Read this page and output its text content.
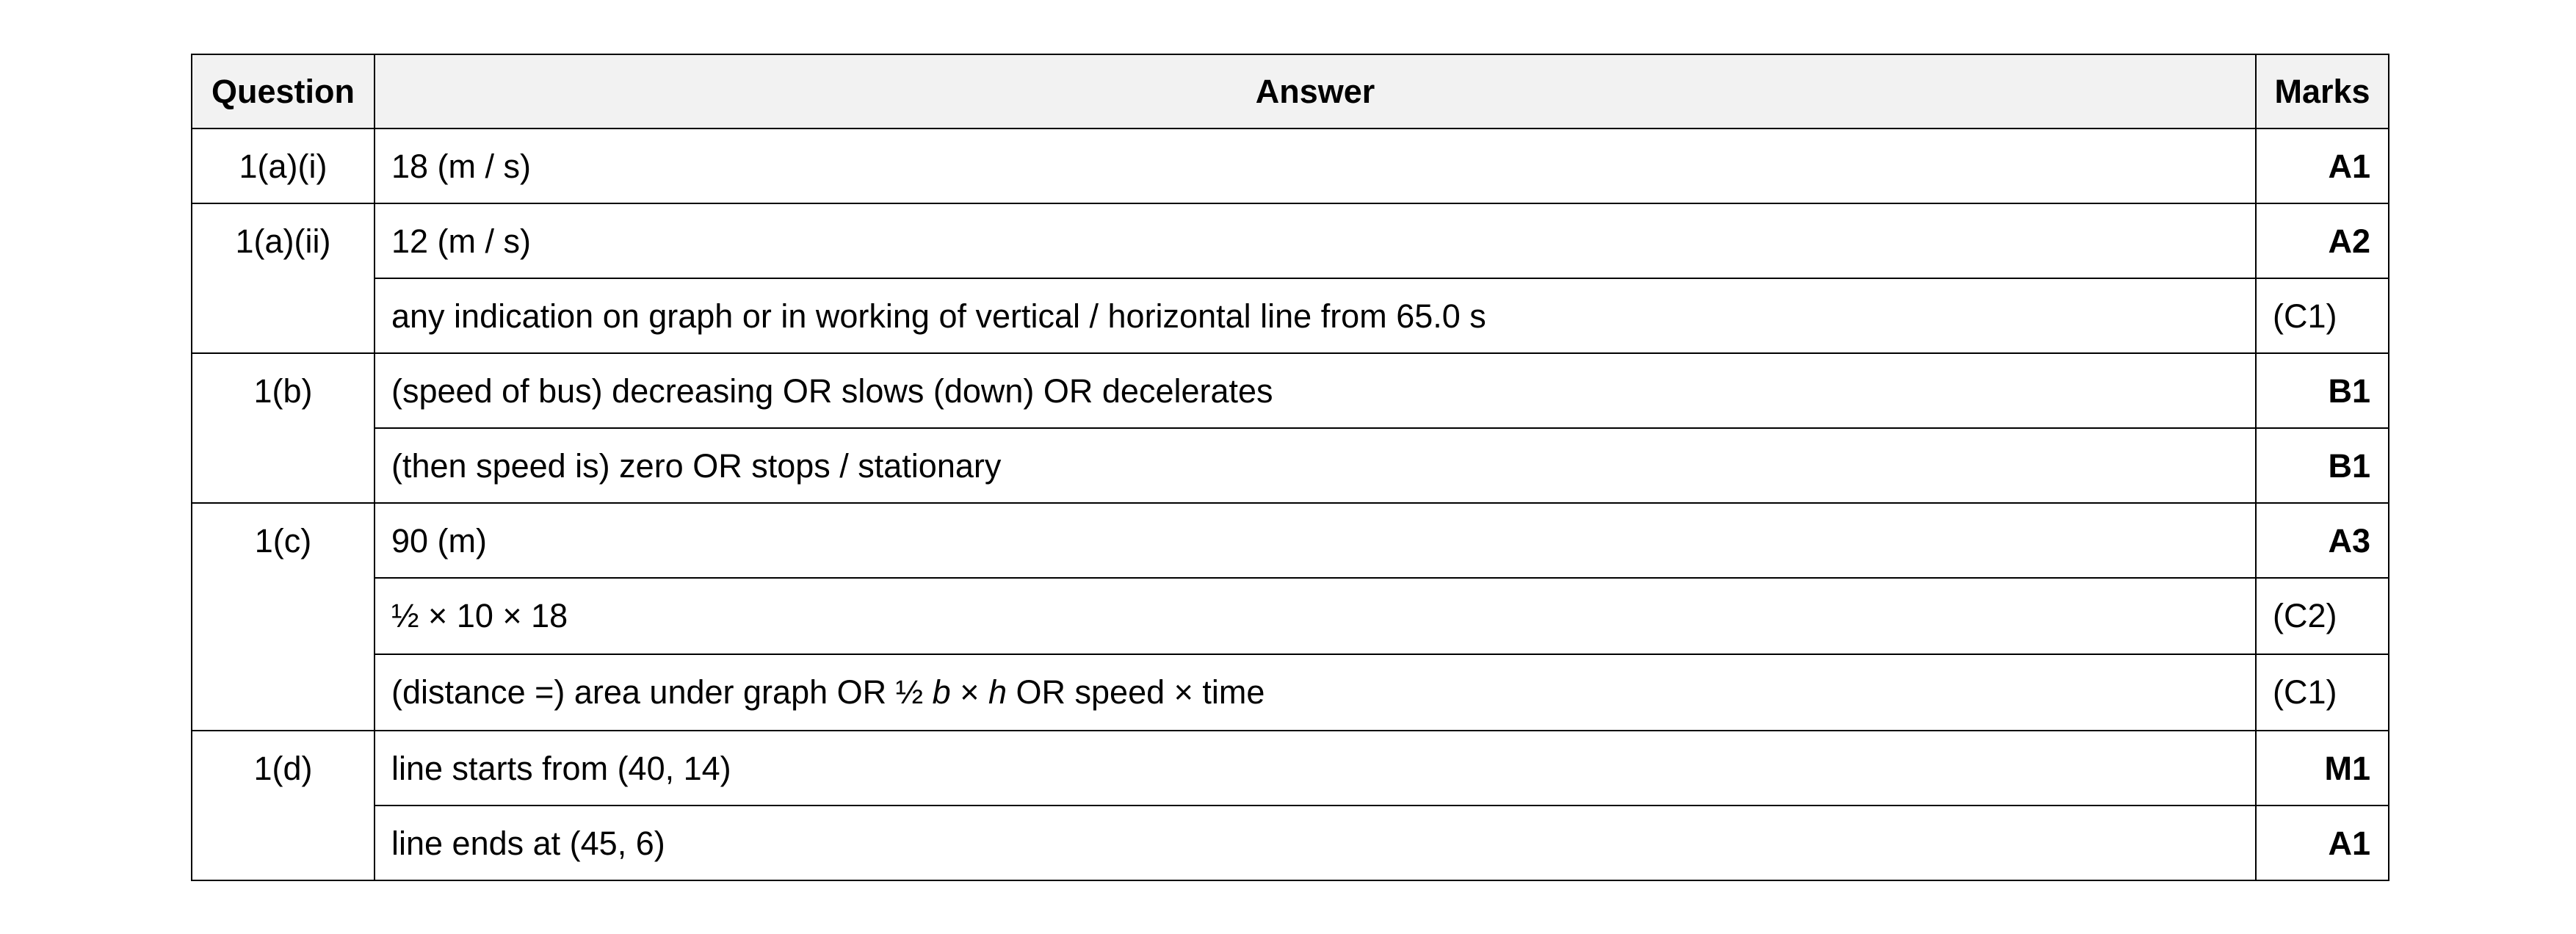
Question	Answer	Marks
1(a)(i)	18 (m / s)	A1
1(a)(ii)	12 (m / s)	A2
	any indication on graph or in working of vertical / horizontal line from 65.0 s	(C1)
1(b)	(speed of bus) decreasing OR slows (down) OR decelerates	B1
	(then speed is) zero OR stops / stationary	B1
1(c)	90 (m)	A3
	½ × 10 × 18	(C2)
	(distance =) area under graph OR ½ b × h OR speed × time	(C1)
1(d)	line starts from (40, 14)	M1
	line ends at (45, 6)	A1
